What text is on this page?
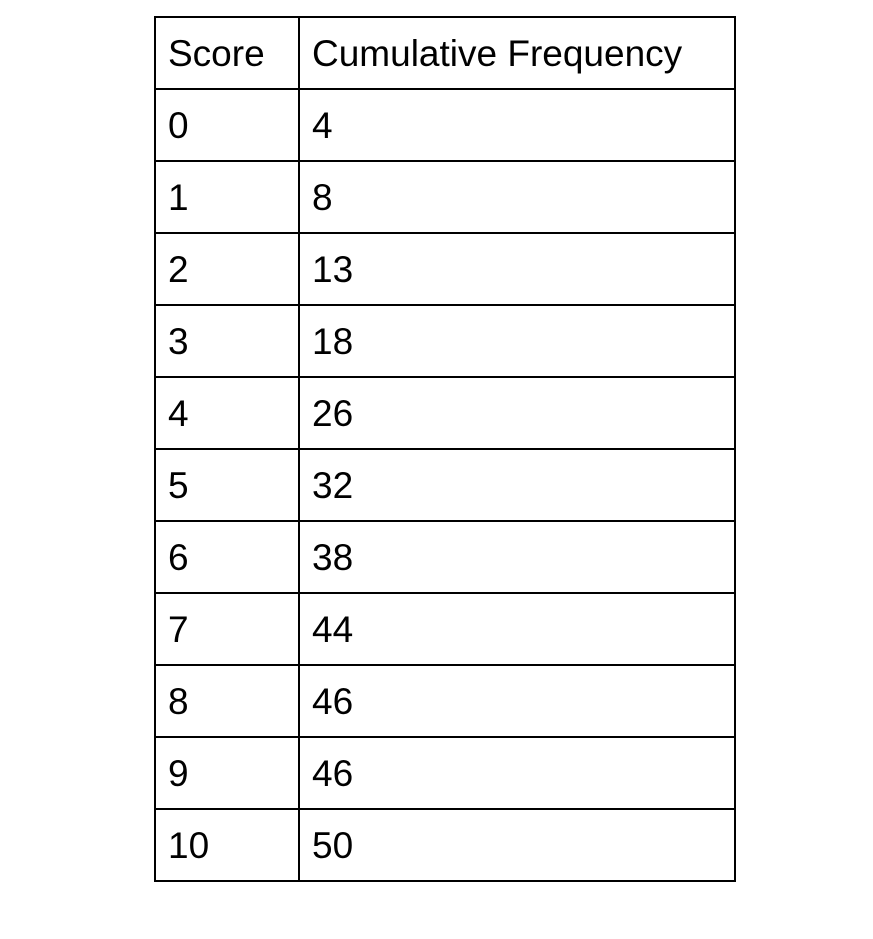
Score	Cumulative Frequency
0	4
1	8
2	13
3	18
4	26
5	32
6	38
7	44
8	46
9	46
10	50
